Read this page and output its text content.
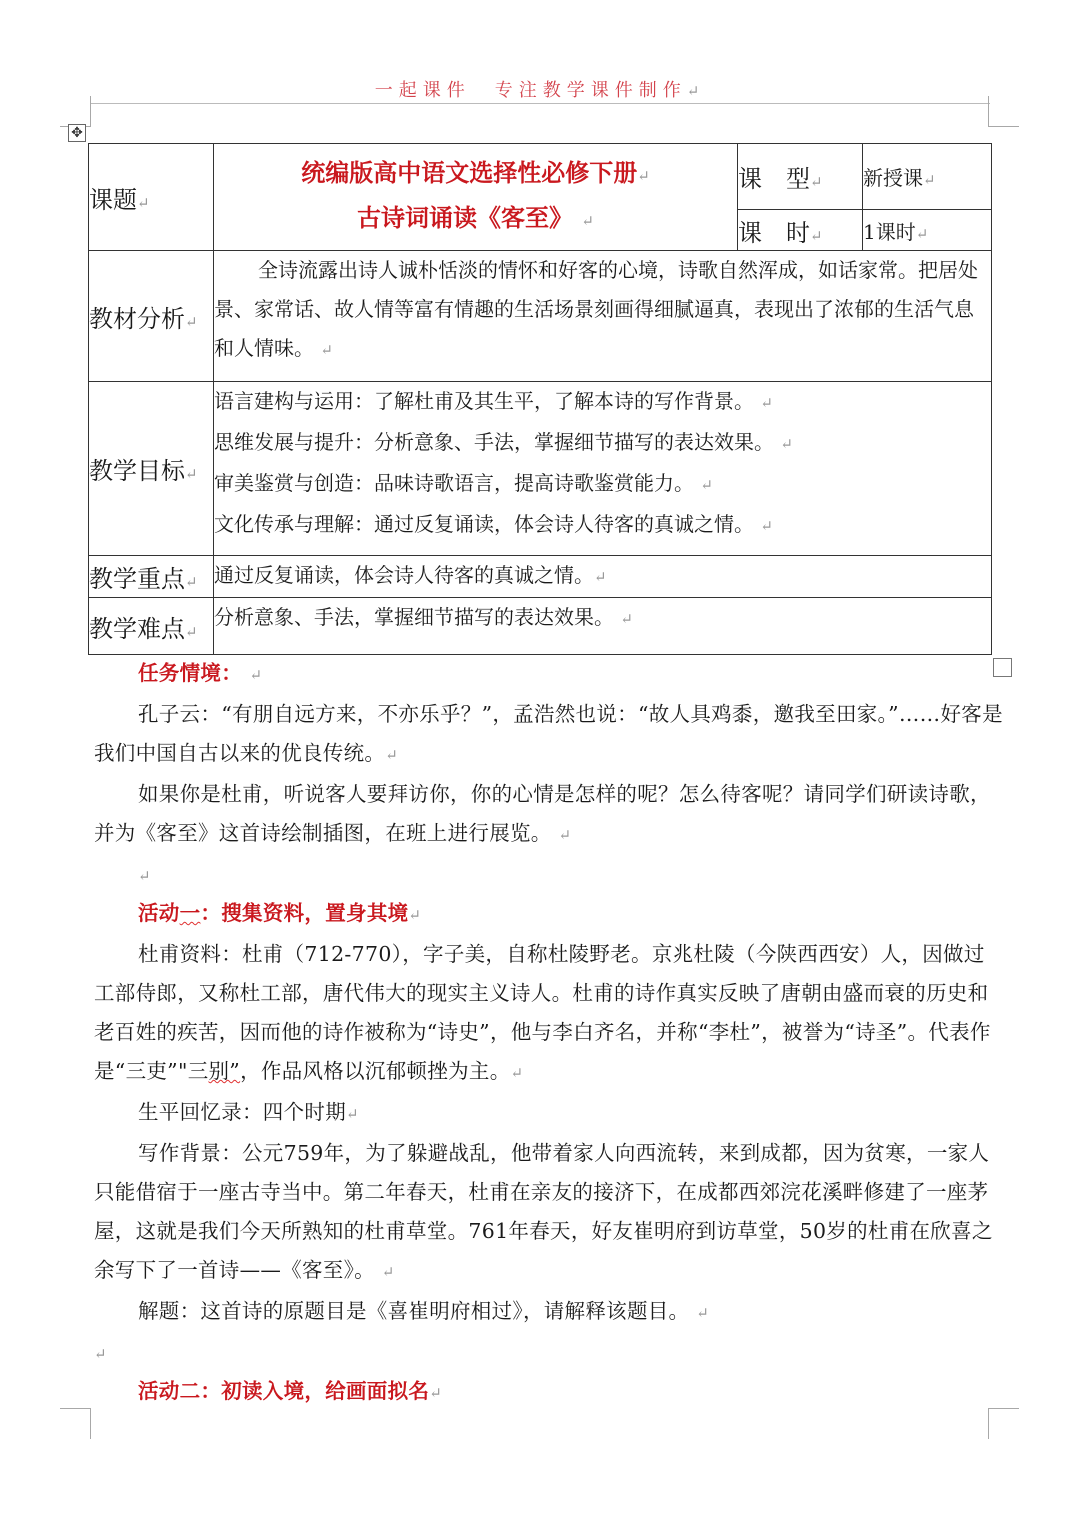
一起课件　专注教学课件制作↵
✥
课题↵	统编版高中语文选择性必修下册↵
古诗词诵读《客至》 ↵	课　型↵	新授课↵
		课　时↵	1课时↵
教材分析↵	全诗流露出诗人诚朴恬淡的情怀和好客的心境，诗歌自然浑成，如话家常。把居处景、家常话、故人情等富有情趣的生活场景刻画得细腻逼真，表现出了浓郁的生活气息和人情味。 ↵		

教学目标↵	语言建构与运用：了解杜甫及其生平，了解本诗的写作背景。 ↵
思维发展与提升：分析意象、手法，掌握细节描写的表达效果。 ↵
审美鉴赏与创造：品味诗歌语言，提高诗歌鉴赏能力。 ↵
文化传承与理解：通过反复诵读，体会诗人待客的真诚之情。 ↵		

教学重点↵	通过反复诵读，体会诗人待客的真诚之情。↵		
教学难点↵	分析意象、手法，掌握细节描写的表达效果。 ↵		

任务情境： ↵

孔子云：“有朋自远方来，不亦乐乎？”，孟浩然也说：“故人具鸡黍，邀我至田家。”……好客是我们中国自古以来的优良传统。↵

如果你是杜甫，听说客人要拜访你，你的心情是怎样的呢？怎么待客呢？请同学们研读诗歌，并为《客至》这首诗绘制插图，在班上进行展览。 ↵

↵

活动一：搜集资料，置身其境↵

杜甫资料：杜甫（712-770），字子美，自称杜陵野老。京兆杜陵（今陕西西安）人，因做过工部侍郎，又称杜工部，唐代伟大的现实主义诗人。杜甫的诗作真实反映了唐朝由盛而衰的历史和老百姓的疾苦，因而他的诗作被称为“诗史”，他与李白齐名，并称“李杜”，被誉为“诗圣”。代表作是“三吏”"三别”，作品风格以沉郁顿挫为主。↵

生平回忆录：四个时期↵

写作背景：公元759年，为了躲避战乱，他带着家人向西流转，来到成都，因为贫寒，一家人只能借宿于一座古寺当中。第二年春天，杜甫在亲友的接济下，在成都西郊浣花溪畔修建了一座茅屋，这就是我们今天所熟知的杜甫草堂。761年春天，好友崔明府到访草堂，50岁的杜甫在欣喜之余写下了一首诗——《客至》。 ↵

解题：这首诗的原题目是《喜崔明府相过》，请解释该题目。 ↵

↵

活动二：初读入境，给画面拟名↵
